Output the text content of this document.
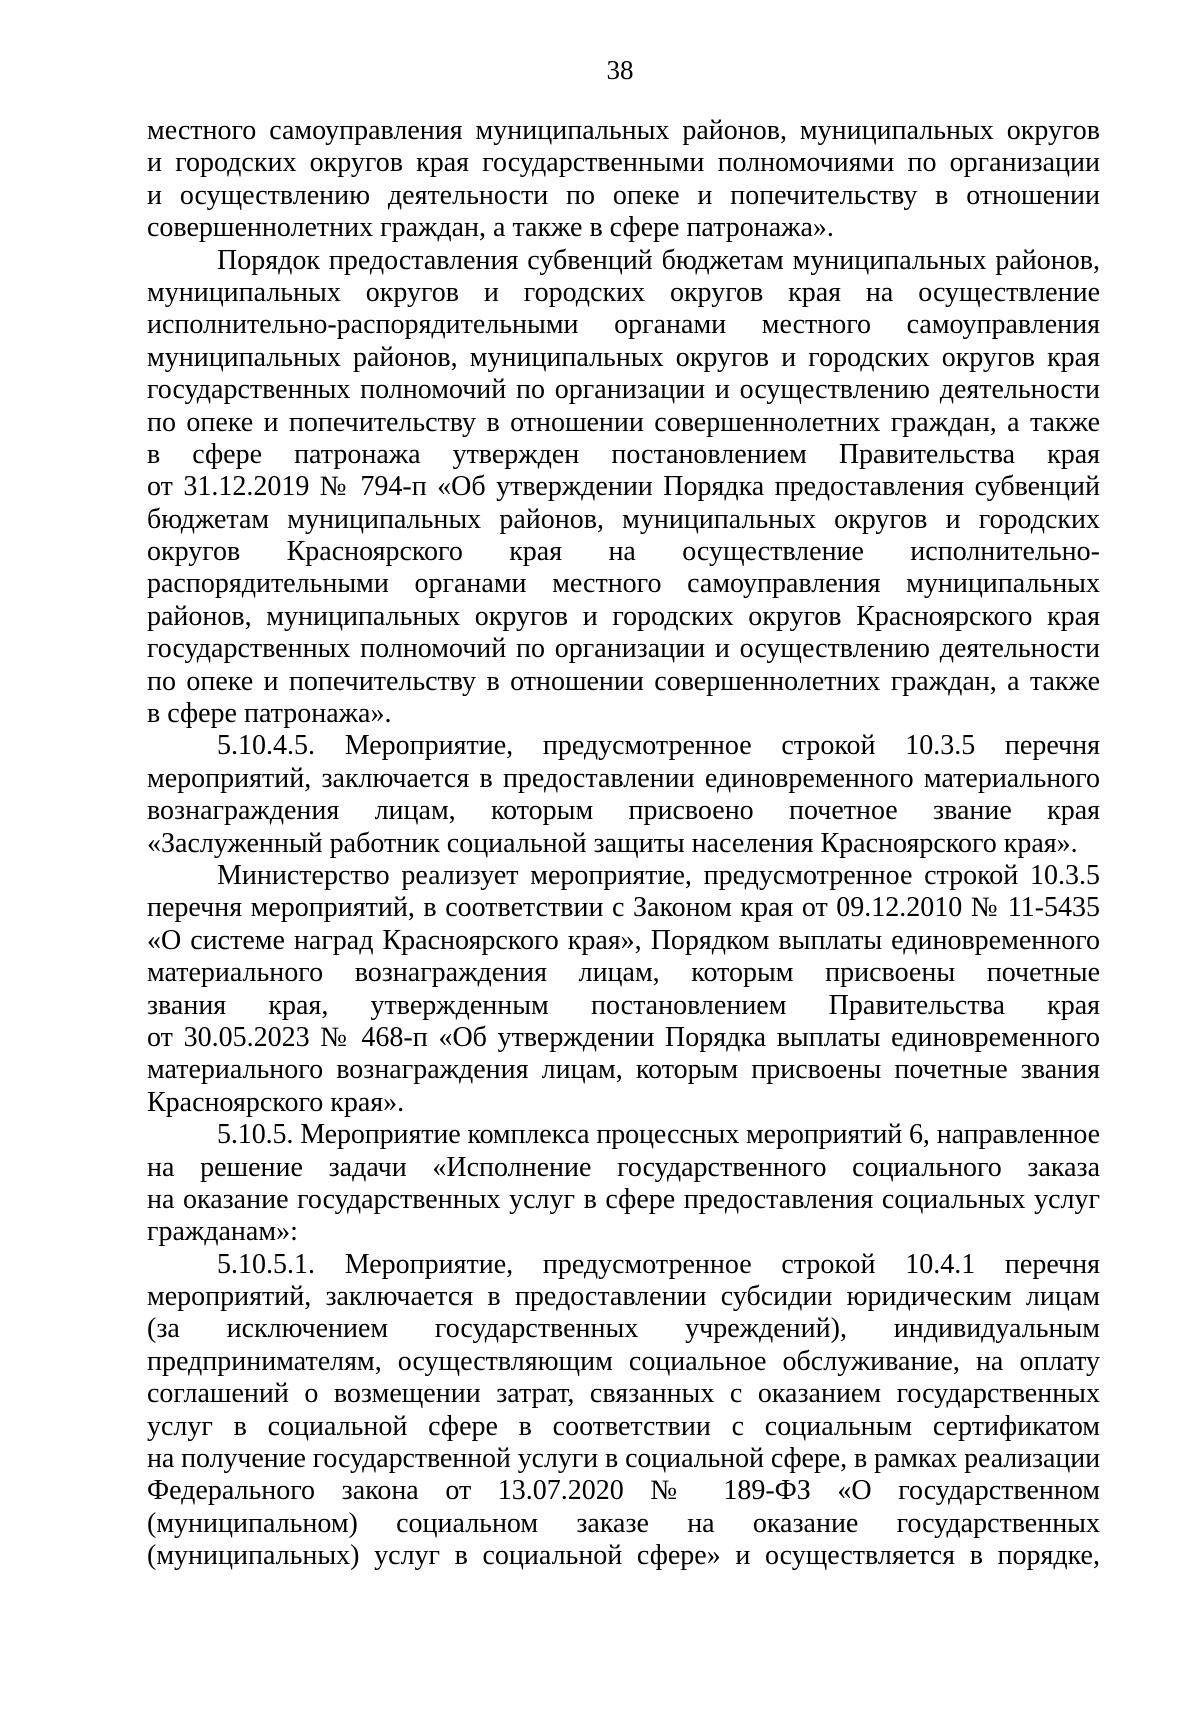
38
местного самоуправления муниципальных районов, муниципальных округов
и городских округов края государственными полномочиями по организации
и осуществлению деятельности по опеке и попечительству в отношении
совершеннолетних граждан, а также в сфере патронажа».
Порядок предоставления субвенций бюджетам муниципальных районов,
муниципальных округов и городских округов края на осуществление
исполнительно-распорядительными органами местного самоуправления
муниципальных районов, муниципальных округов и городских округов края
государственных полномочий по организации и осуществлению деятельности
по опеке и попечительству в отношении совершеннолетних граждан, а также
в сфере патронажа утвержден постановлением Правительства края
от 31.12.2019 № 794-п «Об утверждении Порядка предоставления субвенций
бюджетам муниципальных районов, муниципальных округов и городских
округов Красноярского края на осуществление исполнительно-
распорядительными органами местного самоуправления муниципальных
районов, муниципальных округов и городских округов Красноярского края
государственных полномочий по организации и осуществлению деятельности
по опеке и попечительству в отношении совершеннолетних граждан, а также
в сфере патронажа».
5.10.4.5. Мероприятие, предусмотренное строкой 10.3.5 перечня
мероприятий, заключается в предоставлении единовременного материального
вознаграждения лицам, которым присвоено почетное звание края
«Заслуженный работник социальной защиты населения Красноярского края».
Министерство реализует мероприятие, предусмотренное строкой 10.3.5
перечня мероприятий, в соответствии с Законом края от 09.12.2010 № 11-5435
«О системе наград Красноярского края», Порядком выплаты единовременного
материального вознаграждения лицам, которым присвоены почетные
звания края, утвержденным постановлением Правительства края
от 30.05.2023 № 468-п «Об утверждении Порядка выплаты единовременного
материального вознаграждения лицам, которым присвоены почетные звания
Красноярского края».
5.10.5. Мероприятие комплекса процессных мероприятий 6, направленное
на решение задачи «Исполнение государственного социального заказа
на оказание государственных услуг в сфере предоставления социальных услуг
гражданам»:
5.10.5.1. Мероприятие, предусмотренное строкой 10.4.1 перечня
мероприятий, заключается в предоставлении субсидии юридическим лицам
(за исключением государственных учреждений), индивидуальным
предпринимателям, осуществляющим социальное обслуживание, на оплату
соглашений о возмещении затрат, связанных с оказанием государственных
услуг в социальной сфере в соответствии с социальным сертификатом
на получение государственной услуги в социальной сфере, в рамках реализации
Федерального закона от 13.07.2020 № 189-ФЗ «О государственном
(муниципальном) социальном заказе на оказание государственных
(муниципальных) услуг в социальной сфере» и осуществляется в порядке,
